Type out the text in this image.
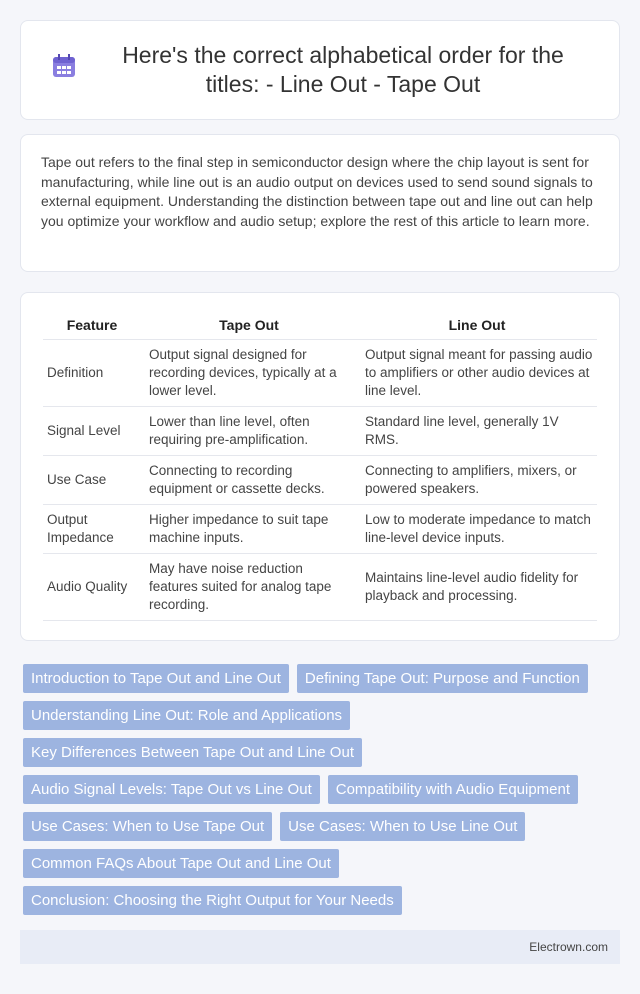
Here's the correct alphabetical order for the titles: - Line Out - Tape Out

Tape out refers to the final step in semiconductor design where the chip layout is sent for manufacturing, while line out is an audio output on devices used to send sound signals to external equipment. Understanding the distinction between tape out and line out can help you optimize your workflow and audio setup; explore the rest of this article to learn more.

Feature	Tape Out	Line Out
Definition	Output signal designed for recording devices, typically at a lower level.	Output signal meant for passing audio to amplifiers or other audio devices at line level.
Signal Level	Lower than line level, often requiring pre-amplification.	Standard line level, generally 1V RMS.
Use Case	Connecting to recording equipment or cassette decks.	Connecting to amplifiers, mixers, or powered speakers.
Output Impedance	Higher impedance to suit tape machine inputs.	Low to moderate impedance to match line-level device inputs.
Audio Quality	May have noise reduction features suited for analog tape recording.	Maintains line-level audio fidelity for playback and processing.
Introduction to Tape Out and Line Out	Defining Tape Out: Purpose and Function
Understanding Line Out: Role and Applications
Key Differences Between Tape Out and Line Out
Audio Signal Levels: Tape Out vs Line Out	Compatibility with Audio Equipment
Use Cases: When to Use Tape Out	Use Cases: When to Use Line Out
Common FAQs About Tape Out and Line Out
Conclusion: Choosing the Right Output for Your Needs
Electrown.com
